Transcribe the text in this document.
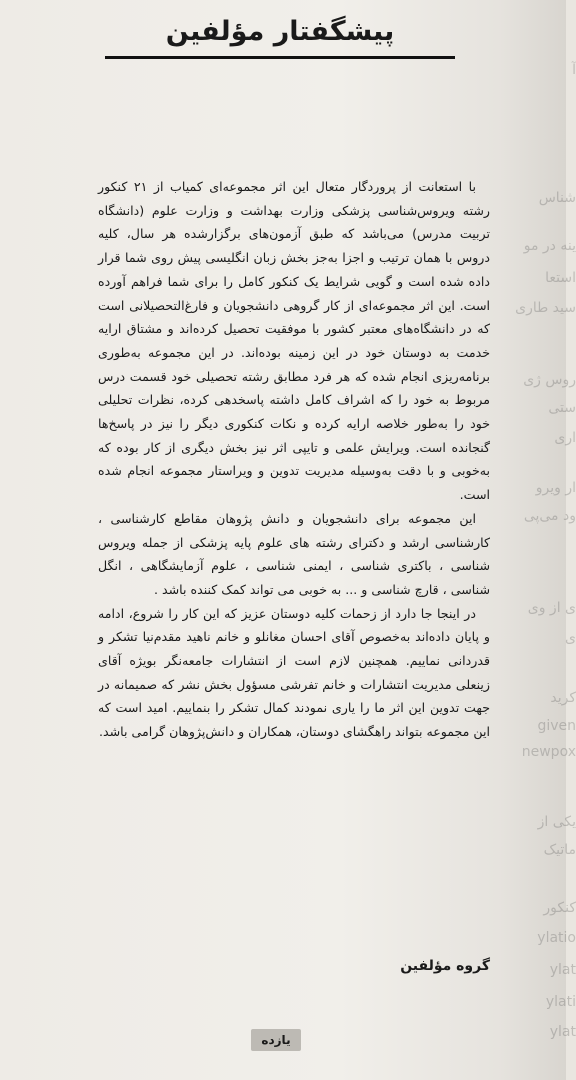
آ
شناس
ینه در مو
استعا
سید طاری
روس ژی
ستی
اری
ار ویرو
ود می‌پی
ی از وی
ی
کرید
given
newpox
یکی از
ماتیک
کنکور
ylatio
ylat
ylati
ylat
پیشگفتار مؤلفین

با استعانت از پروردگار متعال این اثر مجموعه‌ای کمیاب از ۲۱ کنکور رشته ویروس‌شناسی پزشکی وزارت بهداشت و وزارت علوم (دانشگاه تربیت مدرس) می‌باشد که طبق آزمون‌های برگزارشده هر سال، کلیه دروس با همان ترتیب و اجزا به‌جز بخش زبان انگلیسی پیش روی شما قرار داده شده است و گویی شرایط یک کنکور کامل را برای شما فراهم آورده است. این اثر مجموعه‌ای از کار گروهی دانشجویان و فارغ‌التحصیلانی است که در دانشگاه‌های معتبر کشور با موفقیت تحصیل کرده‌اند و مشتاق ارایه خدمت به دوستان خود در این زمینه بوده‌اند. در این مجموعه به‌طوری برنامه‌ریزی انجام شده که هر فرد مطابق رشته تحصیلی خود قسمت درس مربوط به خود را که اشراف کامل داشته پاسخدهی کرده، نظرات تحلیلی خود را به‌طور خلاصه ارایه کرده و نکات کنکوری دیگر را نیز در پاسخ‌ها گنجانده است. ویرایش علمی و تایپی اثر نیز بخش دیگری از کار بوده که به‌خوبی و با دقت به‌وسیله مدیریت تدوین و ویراستار مجموعه انجام شده است.

این مجموعه برای دانشجویان و دانش پژوهان مقاطع کارشناسی ، کارشناسی ارشد و دکترای رشته های علوم پایه پزشکی از جمله ویروس شناسی ، باکتری شناسی ، ایمنی شناسی ، علوم آزمایشگاهی ، انگل شناسی ، قارچ شناسی و ... به خوبی می تواند کمک کننده باشد .

در اینجا جا دارد از زحمات کلیه دوستان عزیز که این کار را شروع، ادامه و پایان داده‌اند به‌خصوص آقای احسان مغانلو و خانم ناهید مقدم‌نیا تشکر و قدردانی نماییم. همچنین لازم است از انتشارات جامعه‌نگر بویژه آقای زینعلی مدیریت انتشارات و خانم تفرشی مسؤول بخش نشر که صمیمانه در جهت تدوین این اثر ما را یاری نمودند کمال تشکر را بنماییم. امید است که این مجموعه بتواند راهگشای دوستان، همکاران و دانش‌پژوهان گرامی باشد.

گروه مؤلفین
یازده
